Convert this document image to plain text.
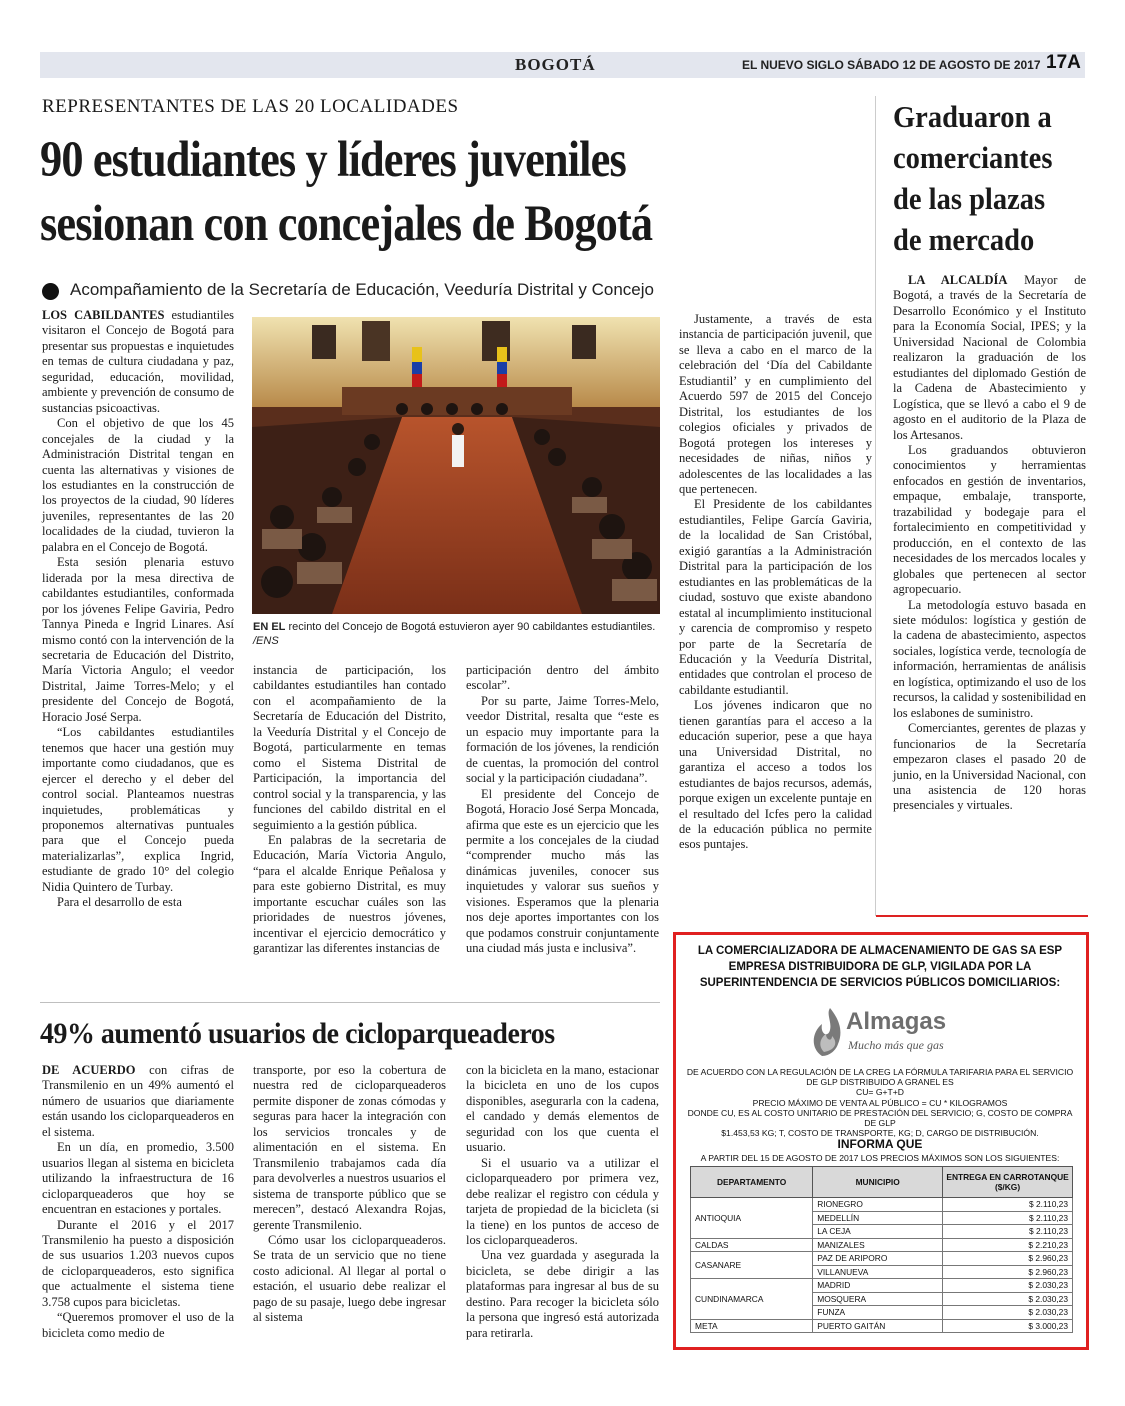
BOGOTÁ	EL NUEVO SIGLO SÁBADO 12 DE AGOSTO DE 2017 17A
REPRESENTANTES DE LAS 20 LOCALIDADES
90 estudiantes y líderes juveniles
sesionan con concejales de Bogotá
Acompañamiento de la Secretaría de Educación, Veeduría Distrital y Concejo

LOS CABILDANTES estudiantiles visitaron el Concejo de Bogotá para presentar sus propuestas e inquietudes en temas de cultura ciudadana y paz, seguridad, educación, movilidad, ambiente y prevención de consumo de sustancias psicoactivas.

Con el objetivo de que los 45 concejales de la ciudad y la Administración Distrital tengan en cuenta las alternativas y visiones de los estudiantes en la construcción de los proyectos de la ciudad, 90 líderes juveniles, representantes de las 20 localidades de la ciudad, tuvieron la palabra en el Concejo de Bogotá.

Esta sesión plenaria estuvo liderada por la mesa directiva de cabildantes estudiantiles, conformada por los jóvenes Felipe Gaviria, Pedro Tannya Pineda e Ingrid Linares. Así mismo contó con la intervención de la secretaria de Educación del Distrito, María Victoria Angulo; el veedor Distrital, Jaime Torres-Melo; y el presidente del Concejo de Bogotá, Horacio José Serpa.

“Los cabildantes estudiantiles tenemos que hacer una gestión muy importante como ciudadanos, que es ejercer el derecho y el deber del control social. Planteamos nuestras inquietudes, problemáticas y proponemos alternativas puntuales para que el Concejo pueda materializarlas”, explica Ingrid, estudiante de grado 10° del colegio Nidia Quintero de Turbay.

Para el desarrollo de esta

EN EL recinto del Concejo de Bogotá estuvieron ayer 90 cabildantes estudiantiles. /ENS

instancia de participación, los cabildantes estudiantiles han contado con el acompañamiento de la Secretaría de Educación del Distrito, la Veeduría Distrital y el Concejo de Bogotá, particularmente en temas como el Sistema Distrital de Participación, la importancia del control social y la transparencia, y las funciones del cabildo distrital en el seguimiento a la gestión pública.

En palabras de la secretaria de Educación, María Victoria Angulo, “para el alcalde Enrique Peñalosa y para este gobierno Distrital, es muy importante escuchar cuáles son las prioridades de nuestros jóvenes, incentivar el ejercicio democrático y garantizar las diferentes instancias de

participación dentro del ámbito escolar”.

Por su parte, Jaime Torres-Melo, veedor Distrital, resalta que “este es un espacio muy importante para la formación de los jóvenes, la rendición de cuentas, la promoción del control social y la participación ciudadana”.

El presidente del Concejo de Bogotá, Horacio José Serpa Moncada, afirma que este es un ejercicio que les permite a los concejales de la ciudad “comprender mucho más las dinámicas juveniles, conocer sus inquietudes y valorar sus sueños y visiones. Esperamos que la plenaria nos deje aportes importantes con los que podamos construir conjuntamente una ciudad más justa e inclusiva”.

Justamente, a través de esta instancia de participación juvenil, que se lleva a cabo en el marco de la celebración del ‘Día del Cabildante Estudiantil’ y en cumplimiento del Acuerdo 597 de 2015 del Concejo Distrital, los estudiantes de los colegios oficiales y privados de Bogotá protegen los intereses y necesidades de niñas, niños y adolescentes de las localidades a las que pertenecen.

El Presidente de los cabildantes estudiantiles, Felipe García Gaviria, de la localidad de San Cristóbal, exigió garantías a la Administración Distrital para la participación de los estudiantes en las problemáticas de la ciudad, sostuvo que existe abandono estatal al incumplimiento institucional y carencia de compromiso y respeto por parte de la Secretaría de Educación y la Veeduría Distrital, entidades que controlan el proceso de cabildante estudiantil.

Los jóvenes indicaron que no tienen garantías para el acceso a la educación superior, pese a que haya una Universidad Distrital, no garantiza el acceso a todos los estudiantes de bajos recursos, además, porque exigen un excelente puntaje en el resultado del Icfes pero la calidad de la educación pública no permite esos puntajes.

Graduaron a comerciantes de las plazas de mercado

LA ALCALDÍA Mayor de Bogotá, a través de la Secretaría de Desarrollo Económico y el Instituto para la Economía Social, IPES; y la Universidad Nacional de Colombia realizaron la graduación de los estudiantes del diplomado Gestión de la Cadena de Abastecimiento y Logística, que se llevó a cabo el 9 de agosto en el auditorio de la Plaza de los Artesanos.

Los graduandos obtuvieron conocimientos y herramientas enfocados en gestión de inventarios, empaque, embalaje, transporte, trazabilidad y bodegaje para el fortalecimiento en competitividad y producción, en el contexto de las necesidades de los mercados locales y globales que pertenecen al sector agropecuario.

La metodología estuvo basada en siete módulos: logística y gestión de la cadena de abastecimiento, aspectos sociales, logística verde, tecnología de información, herramientas de análisis en logística, optimizando el uso de los recursos, la calidad y sostenibilidad en los eslabones de suministro.

Comerciantes, gerentes de plazas y funcionarios de la Secretaría empezaron clases el pasado 20 de junio, en la Universidad Nacional, con una asistencia de 120 horas presenciales y virtuales.

49% aumentó usuarios de cicloparqueaderos

DE ACUERDO con cifras de Transmilenio en un 49% aumentó el número de usuarios que diariamente están usando los cicloparqueaderos en el sistema.

En un día, en promedio, 3.500 usuarios llegan al sistema en bicicleta utilizando la infraestructura de 16 cicloparqueaderos que hoy se encuentran en estaciones y portales.

Durante el 2016 y el 2017 Transmilenio ha puesto a disposición de sus usuarios 1.203 nuevos cupos de cicloparqueaderos, esto significa que actualmente el sistema tiene 3.758 cupos para bicicletas.

“Queremos promover el uso de la bicicleta como medio de

transporte, por eso la cobertura de nuestra red de cicloparqueaderos permite disponer de zonas cómodas y seguras para hacer la integración con los servicios troncales y de alimentación en el sistema. En Transmilenio trabajamos cada día para devolverles a nuestros usuarios el sistema de transporte público que se merecen”, destacó Alexandra Rojas, gerente Transmilenio.

Cómo usar los cicloparqueaderos. Se trata de un servicio que no tiene costo adicional. Al llegar al portal o estación, el usuario debe realizar el pago de su pasaje, luego debe ingresar al sistema

con la bicicleta en la mano, estacionar la bicicleta en uno de los cupos disponibles, asegurarla con la cadena, el candado y demás elementos de seguridad con los que cuenta el usuario.

Si el usuario va a utilizar el cicloparqueadero por primera vez, debe realizar el registro con cédula y tarjeta de propiedad de la bicicleta (si la tiene) en los puntos de acceso de los cicloparqueaderos.

Una vez guardada y asegurada la bicicleta, se debe dirigir a las plataformas para ingresar al bus de su destino. Para recoger la bicicleta sólo la persona que ingresó está autorizada para retirarla.

LA COMERCIALIZADORA DE ALMACENAMIENTO DE GAS SA ESP EMPRESA DISTRIBUIDORA DE GLP, VIGILADA POR LA SUPERINTENDENCIA DE SERVICIOS PÚBLICOS DOMICILIARIOS:
Almagas
Mucho más que gas
DE ACUERDO CON LA REGULACIÓN DE LA CREG LA FÓRMULA TARIFARIA PARA EL SERVICIO
DE GLP DISTRIBUIDO A GRANEL ES
CU= G+T+D
PRECIO MÁXIMO DE VENTA AL PÚBLICO = CU * KILOGRAMOS
DONDE CU, ES AL COSTO UNITARIO DE PRESTACIÓN DEL SERVICIO; G, COSTO DE COMPRA DE GLP
$1.453,53 KG; T, COSTO DE TRANSPORTE, KG; D, CARGO DE DISTRIBUCIÓN.
INFORMA QUE
A PARTIR DEL 15 DE AGOSTO DE 2017 LOS PRECIOS MÁXIMOS SON LOS SIGUIENTES:
DEPARTAMENTO	MUNICIPIO	ENTREGA EN CARROTANQUE ($/KG)
ANTIOQUIA	RIONEGRO	$ 2.110,23
	MEDELLÍN	$ 2.110,23
	LA CEJA	$ 2.110,23
CALDAS	MANIZALES	$ 2.210,23
CASANARE	PAZ DE ARIPORO	$ 2.960,23
	VILLANUEVA	$ 2.960,23
CUNDINAMARCA	MADRID	$ 2.030,23
	MOSQUERA	$ 2.030,23
	FUNZA	$ 2.030,23
META	PUERTO GAITÁN	$ 3.000,23
